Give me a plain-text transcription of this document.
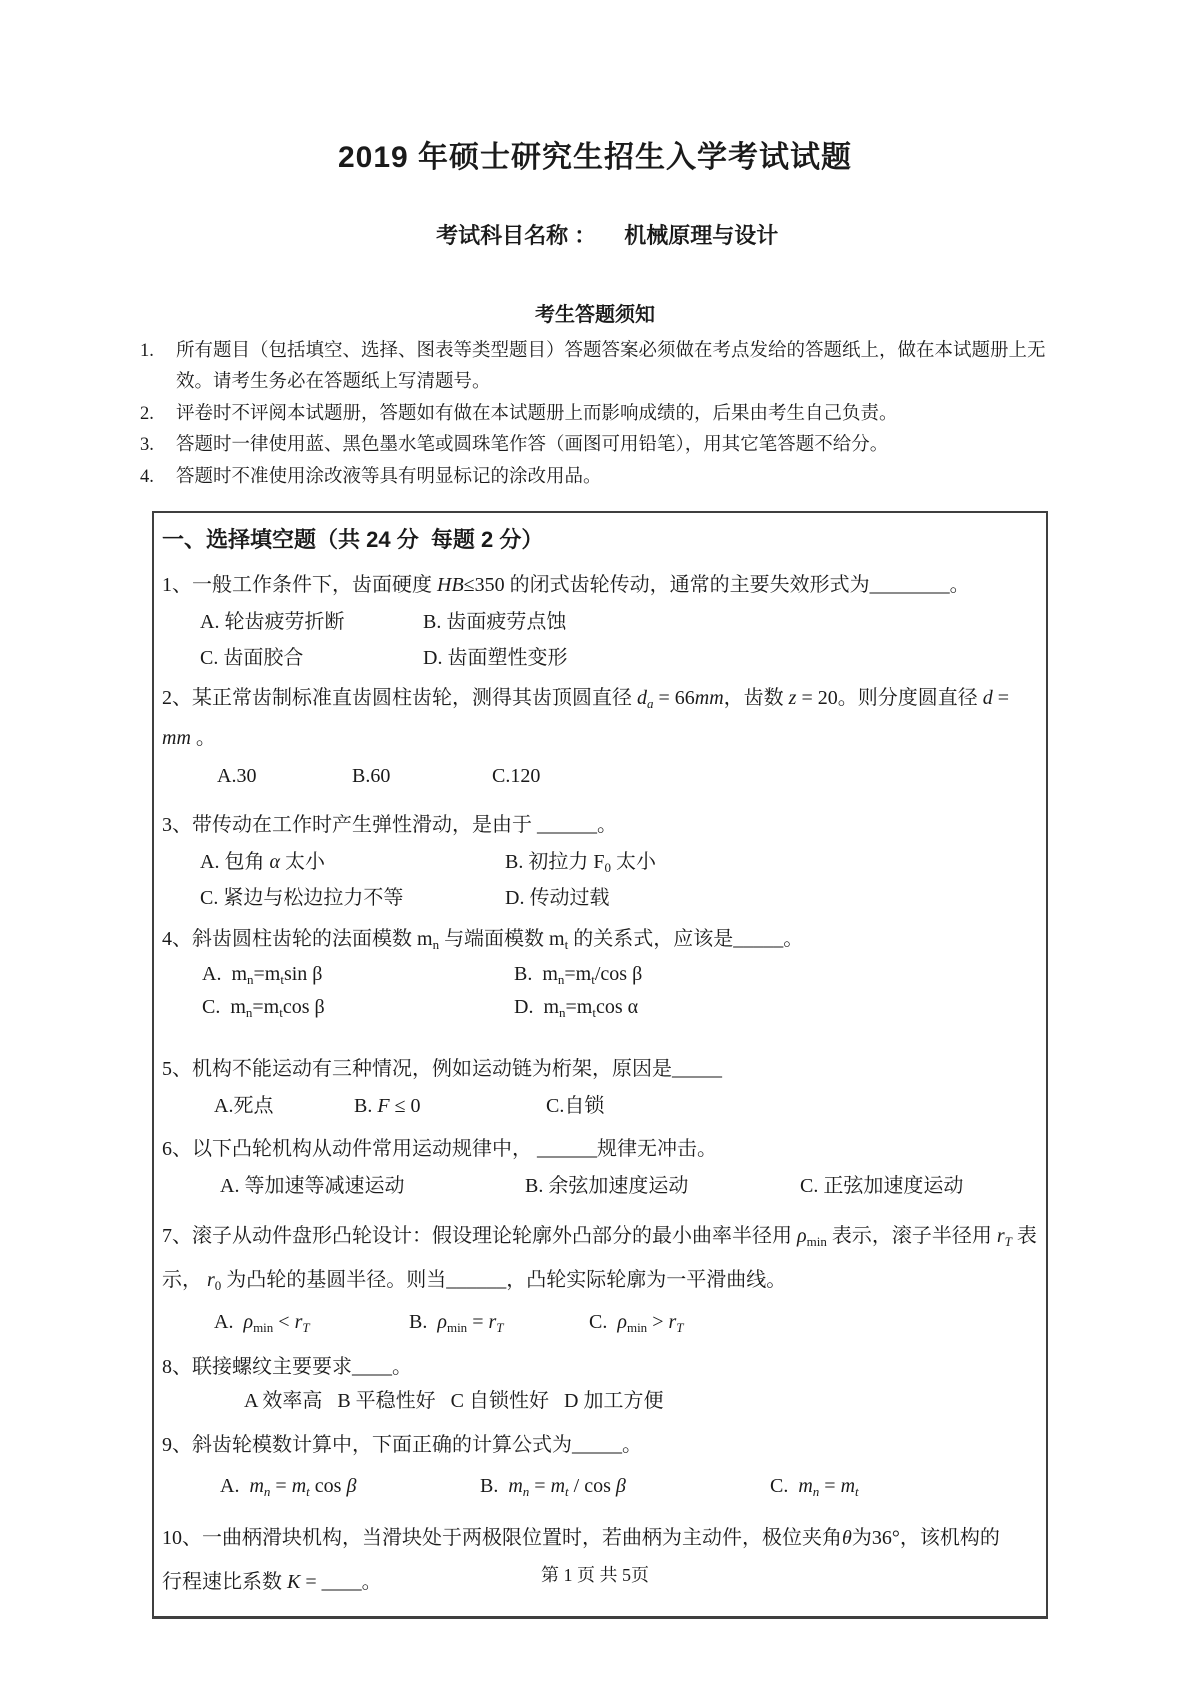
2019 年硕士研究生招生入学考试试题

考试科目名称 ： 机械原理与设计

考生答题须知
1.	所有题目（包括填空、选择、图表等类型题目）答题答案必须做在考点发给的答题纸上，做在本试题册上无效。请考生务必在答题纸上写清题号。
2.	评卷时不评阅本试题册，答题如有做在本试题册上而影响成绩的，后果由考生自己负责。
3.	答题时一律使用蓝、黑色墨水笔或圆珠笔作答（画图可用铅笔），用其它笔答题不给分。
4.	答题时不准使用涂改液等具有明显标记的涂改用品。
一、选择填空题（共 24 分  每题 2 分）
1、一般工作条件下，齿面硬度 HB≤350 的闭式齿轮传动，通常的主要失效形式为________。
A. 轮齿疲劳折断	B. 齿面疲劳点蚀
C. 齿面胶合	D. 齿面塑性变形
2、某正常齿制标准直齿圆柱齿轮，测得其齿顶圆直径 $d_a = 66mm$，齿数 z = 20。则分度圆直径 d =
mm 。
A.30	B.60	C.120
3、带传动在工作时产生弹性滑动，是由于 ______。
A. 包角 α 太小	B. 初拉力 $F_0$ 太小
C. 紧边与松边拉力不等	D. 传动过载
4、斜齿圆柱齿轮的法面模数 $m_n$ 与端面模数 $m_t$ 的关系式，应该是_____。
A.  $m_n=m_t\sin$ β	B.  $m_n=m_t/\cos$ β
C.  $m_n=m_t\cos$ β	D.  $m_n=m_t\cos$ α
5、机构不能运动有三种情况，例如运动链为桁架，原因是_____
A.死点	B. F ≤ 0	C.自锁
6、以下凸轮机构从动件常用运动规律中， ______规律无冲击。
A. 等加速等减速运动	B. 余弦加速度运动	C. 正弦加速度运动
7、滚子从动件盘形凸轮设计：假设理论轮廓外凸部分的最小曲率半径用 $\rho_{min}$ 表示，滚子半径用 $r_T$ 表
示， $r_0$ 为凸轮的基圆半径。则当______，凸轮实际轮廓为一平滑曲线。
A.  $\rho_{min} < r_T$	B.  $\rho_{min} = r_T$	C.  $\rho_{min} > r_T$
8、联接螺纹主要要求____。
A 效率高   B 平稳性好   C 自锁性好   D 加工方便
9、斜齿轮模数计算中，下面正确的计算公式为_____。
A.  $m_n = m_t$ cos β	B.  $m_n = m_t / \cos \beta$	C.  $m_n = m_t$
10、一曲柄滑块机构，当滑块处于两极限位置时，若曲柄为主动件，极位夹角θ为36°，该机构的
行程速比系数 K = ____。	第 1 页 共 5页
